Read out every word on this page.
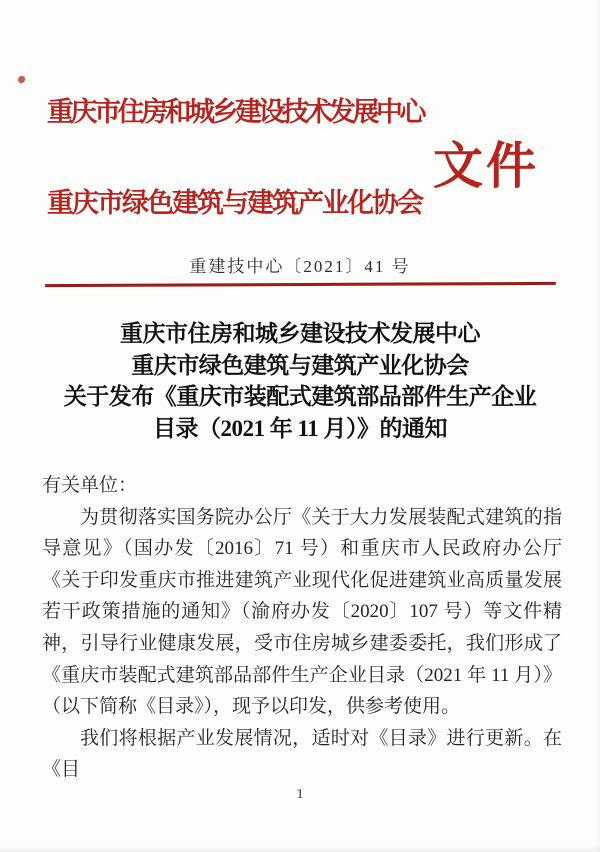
重庆市住房和城乡建设技术发展中心
文件
重庆市绿色建筑与建筑产业化协会
重建技中心〔2021〕41 号
重庆市住房和城乡建设技术发展中心
重庆市绿色建筑与建筑产业化协会
关于发布《重庆市装配式建筑部品部件生产企业
目录（2021 年 11 月）》的通知

有关单位：

为贯彻落实国务院办公厅《关于大力发展装配式建筑的指导意见》（国办发〔2016〕71 号）和重庆市人民政府办公厅《关于印发重庆市推进建筑产业现代化促进建筑业高质量发展若干政策措施的通知》（渝府办发〔2020〕107 号）等文件精神，引导行业健康发展，受市住房城乡建委委托，我们形成了《重庆市装配式建筑部品部件生产企业目录（2021 年 11 月）》（以下简称《目录》），现予以印发，供参考使用。

我们将根据产业发展情况，适时对《目录》进行更新。在《目

1
